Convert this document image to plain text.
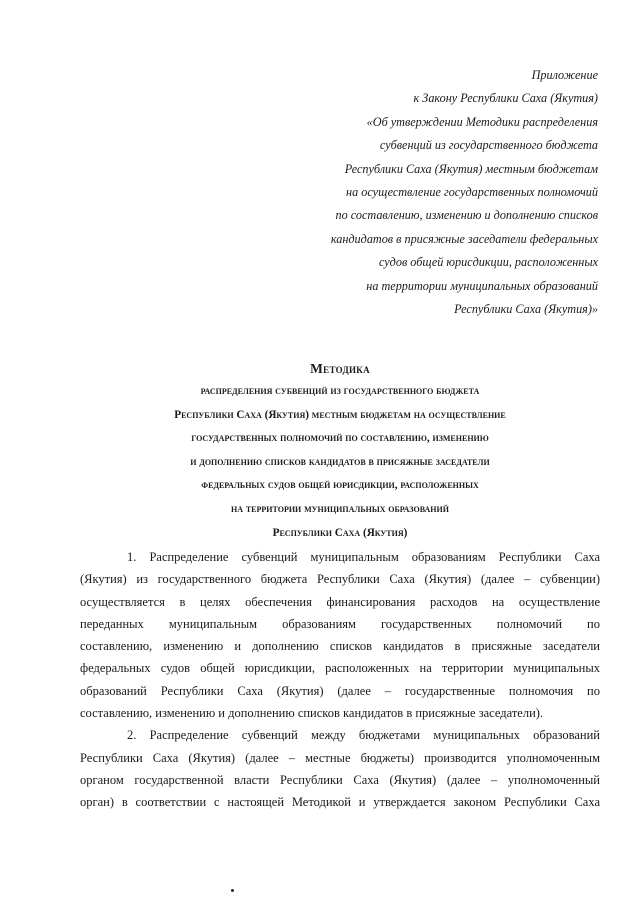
Приложение
к Закону Республики Саха (Якутия)
«Об утверждении Методики распределения
субвенций из государственного бюджета
Республики Саха (Якутия) местным бюджетам
на осуществление государственных полномочий
по составлению, изменению и дополнению списков
кандидатов в присяжные заседатели федеральных
судов общей юрисдикции, расположенных
на территории муниципальных образований
Республики Саха (Якутия)»
Методика
распределения субвенций из государственного бюджета
Республики Саха (Якутия) местным бюджетам на осуществление
государственных полномочий по составлению, изменению
и дополнению списков кандидатов в присяжные заседатели
федеральных судов общей юрисдикции, расположенных
на территории муниципальных образований
Республики Саха (Якутия)
1. Распределение субвенций муниципальным образованиям Республики Саха
(Якутия) из государственного бюджета Республики Саха (Якутия) (далее – субвенции)
осуществляется в целях обеспечения финансирования расходов на осуществление
переданных муниципальным образованиям государственных полномочий по
составлению, изменению и дополнению списков кандидатов в присяжные заседатели
федеральных судов общей юрисдикции, расположенных на территории муниципальных
образований Республики Саха (Якутия) (далее – государственные полномочия по
составлению, изменению и дополнению списков кандидатов в присяжные заседатели).
2. Распределение субвенций между бюджетами муниципальных образований
Республики Саха (Якутия) (далее – местные бюджеты) производится уполномоченным
органом государственной власти Республики Саха (Якутия) (далее – уполномоченный
орган) в соответствии с настоящей Методикой и утверждается законом Республики Саха
